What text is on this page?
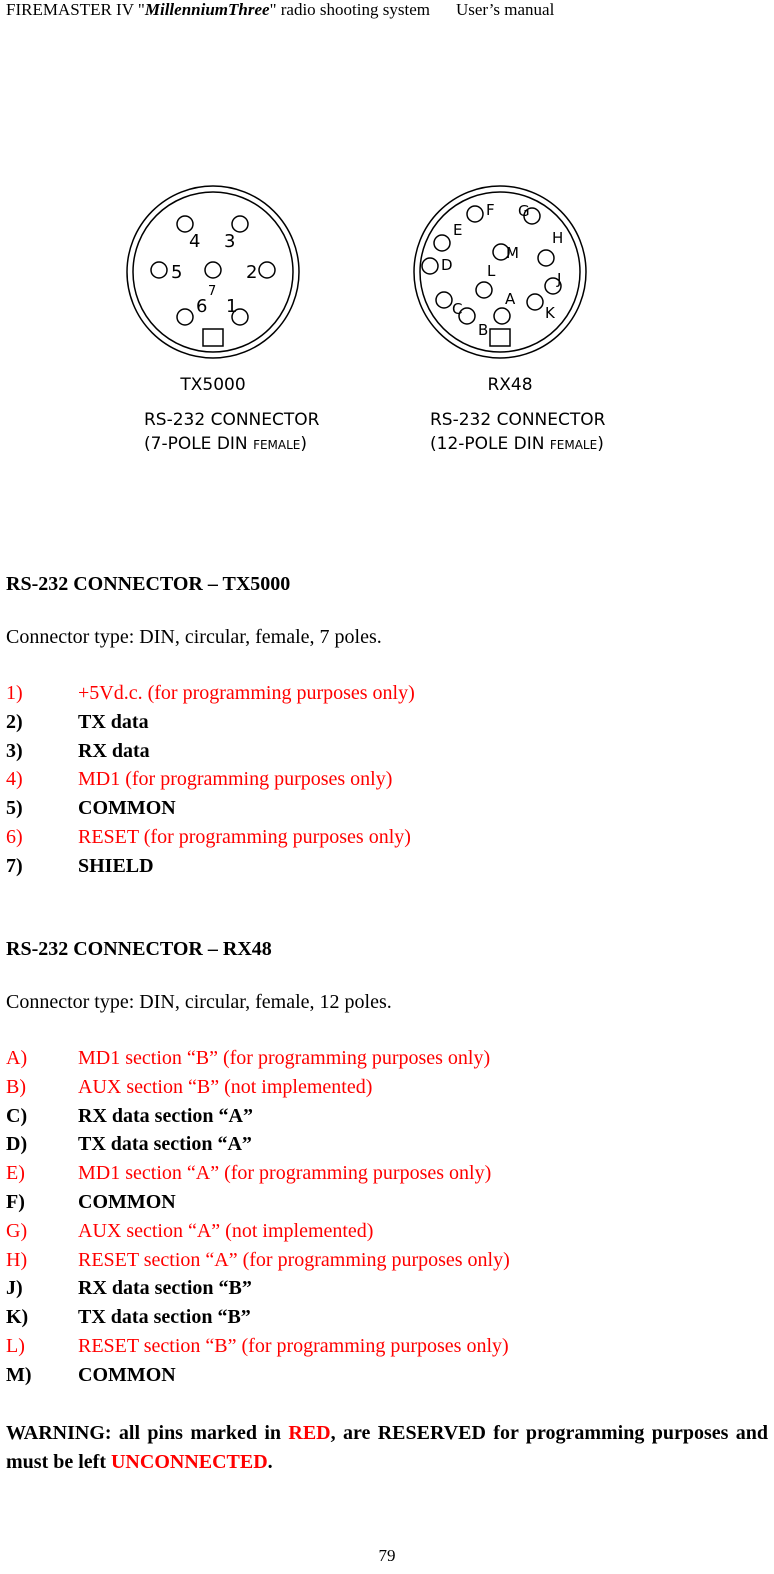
FIREMASTER IV "MillenniumThree" radio shooting system User’s manual
4 3
5
7
2
6 1
F G
E	H
M
D L	J
C
A
K
B
TX5000
RS-232 CONNECTOR
(7-POLE DIN FEMALE)
RX48
RS-232 CONNECTOR
(12-POLE DIN FEMALE)
RS-232 CONNECTOR – TX5000

Connector type: DIN, circular, female, 7 poles.

1)	+5Vd.c. (for programming purposes only)
2)	TX data
3)	RX data
4)	MD1 (for programming purposes only)
5)	COMMON
6)	RESET (for programming purposes only)
7)	SHIELD
RS-232 CONNECTOR – RX48

Connector type: DIN, circular, female, 12 poles.

A)	MD1 section “B” (for programming purposes only)
B)	AUX section “B” (not implemented)
C)	RX data section “A”
D)	TX data section “A”
E)	MD1 section “A” (for programming purposes only)
F)	COMMON
G)	AUX section “A” (not implemented)
H)	RESET section “A” (for programming purposes only)
J)	RX data section “B”
K) TX data section “B”
L)	RESET section “B” (for programming purposes only)
M) COMMON

WARNING: all pins marked in RED, are RESERVED for programming purposes and must be left UNCONNECTED.

79
